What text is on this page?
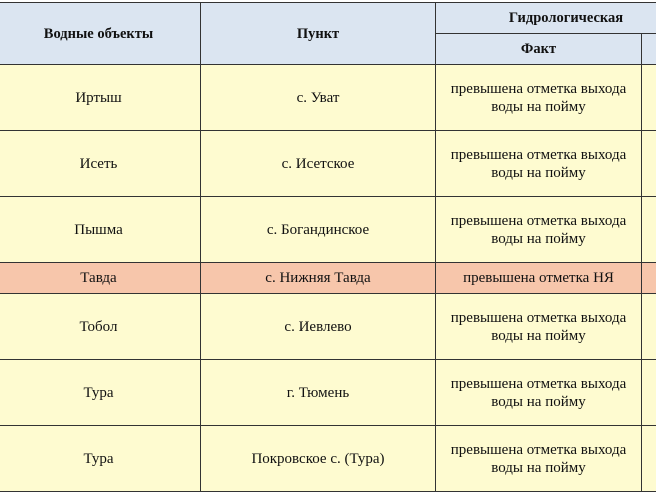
Водные объекты	Пункт	Гидрологическая	
		Факт	
Иртыш	с. Уват	превышена отметка выхода воды на пойму	
Исеть	с. Исетское	превышена отметка выхода воды на пойму	
Пышма	с. Богандинское	превышена отметка выхода воды на пойму	
Тавда	с. Нижняя Тавда	превышена отметка НЯ	
Тобол	с. Иевлево	превышена отметка выхода воды на пойму	
Тура	г. Тюмень	превышена отметка выхода воды на пойму	
Тура	Покровское с. (Тура)	превышена отметка выхода воды на пойму	
